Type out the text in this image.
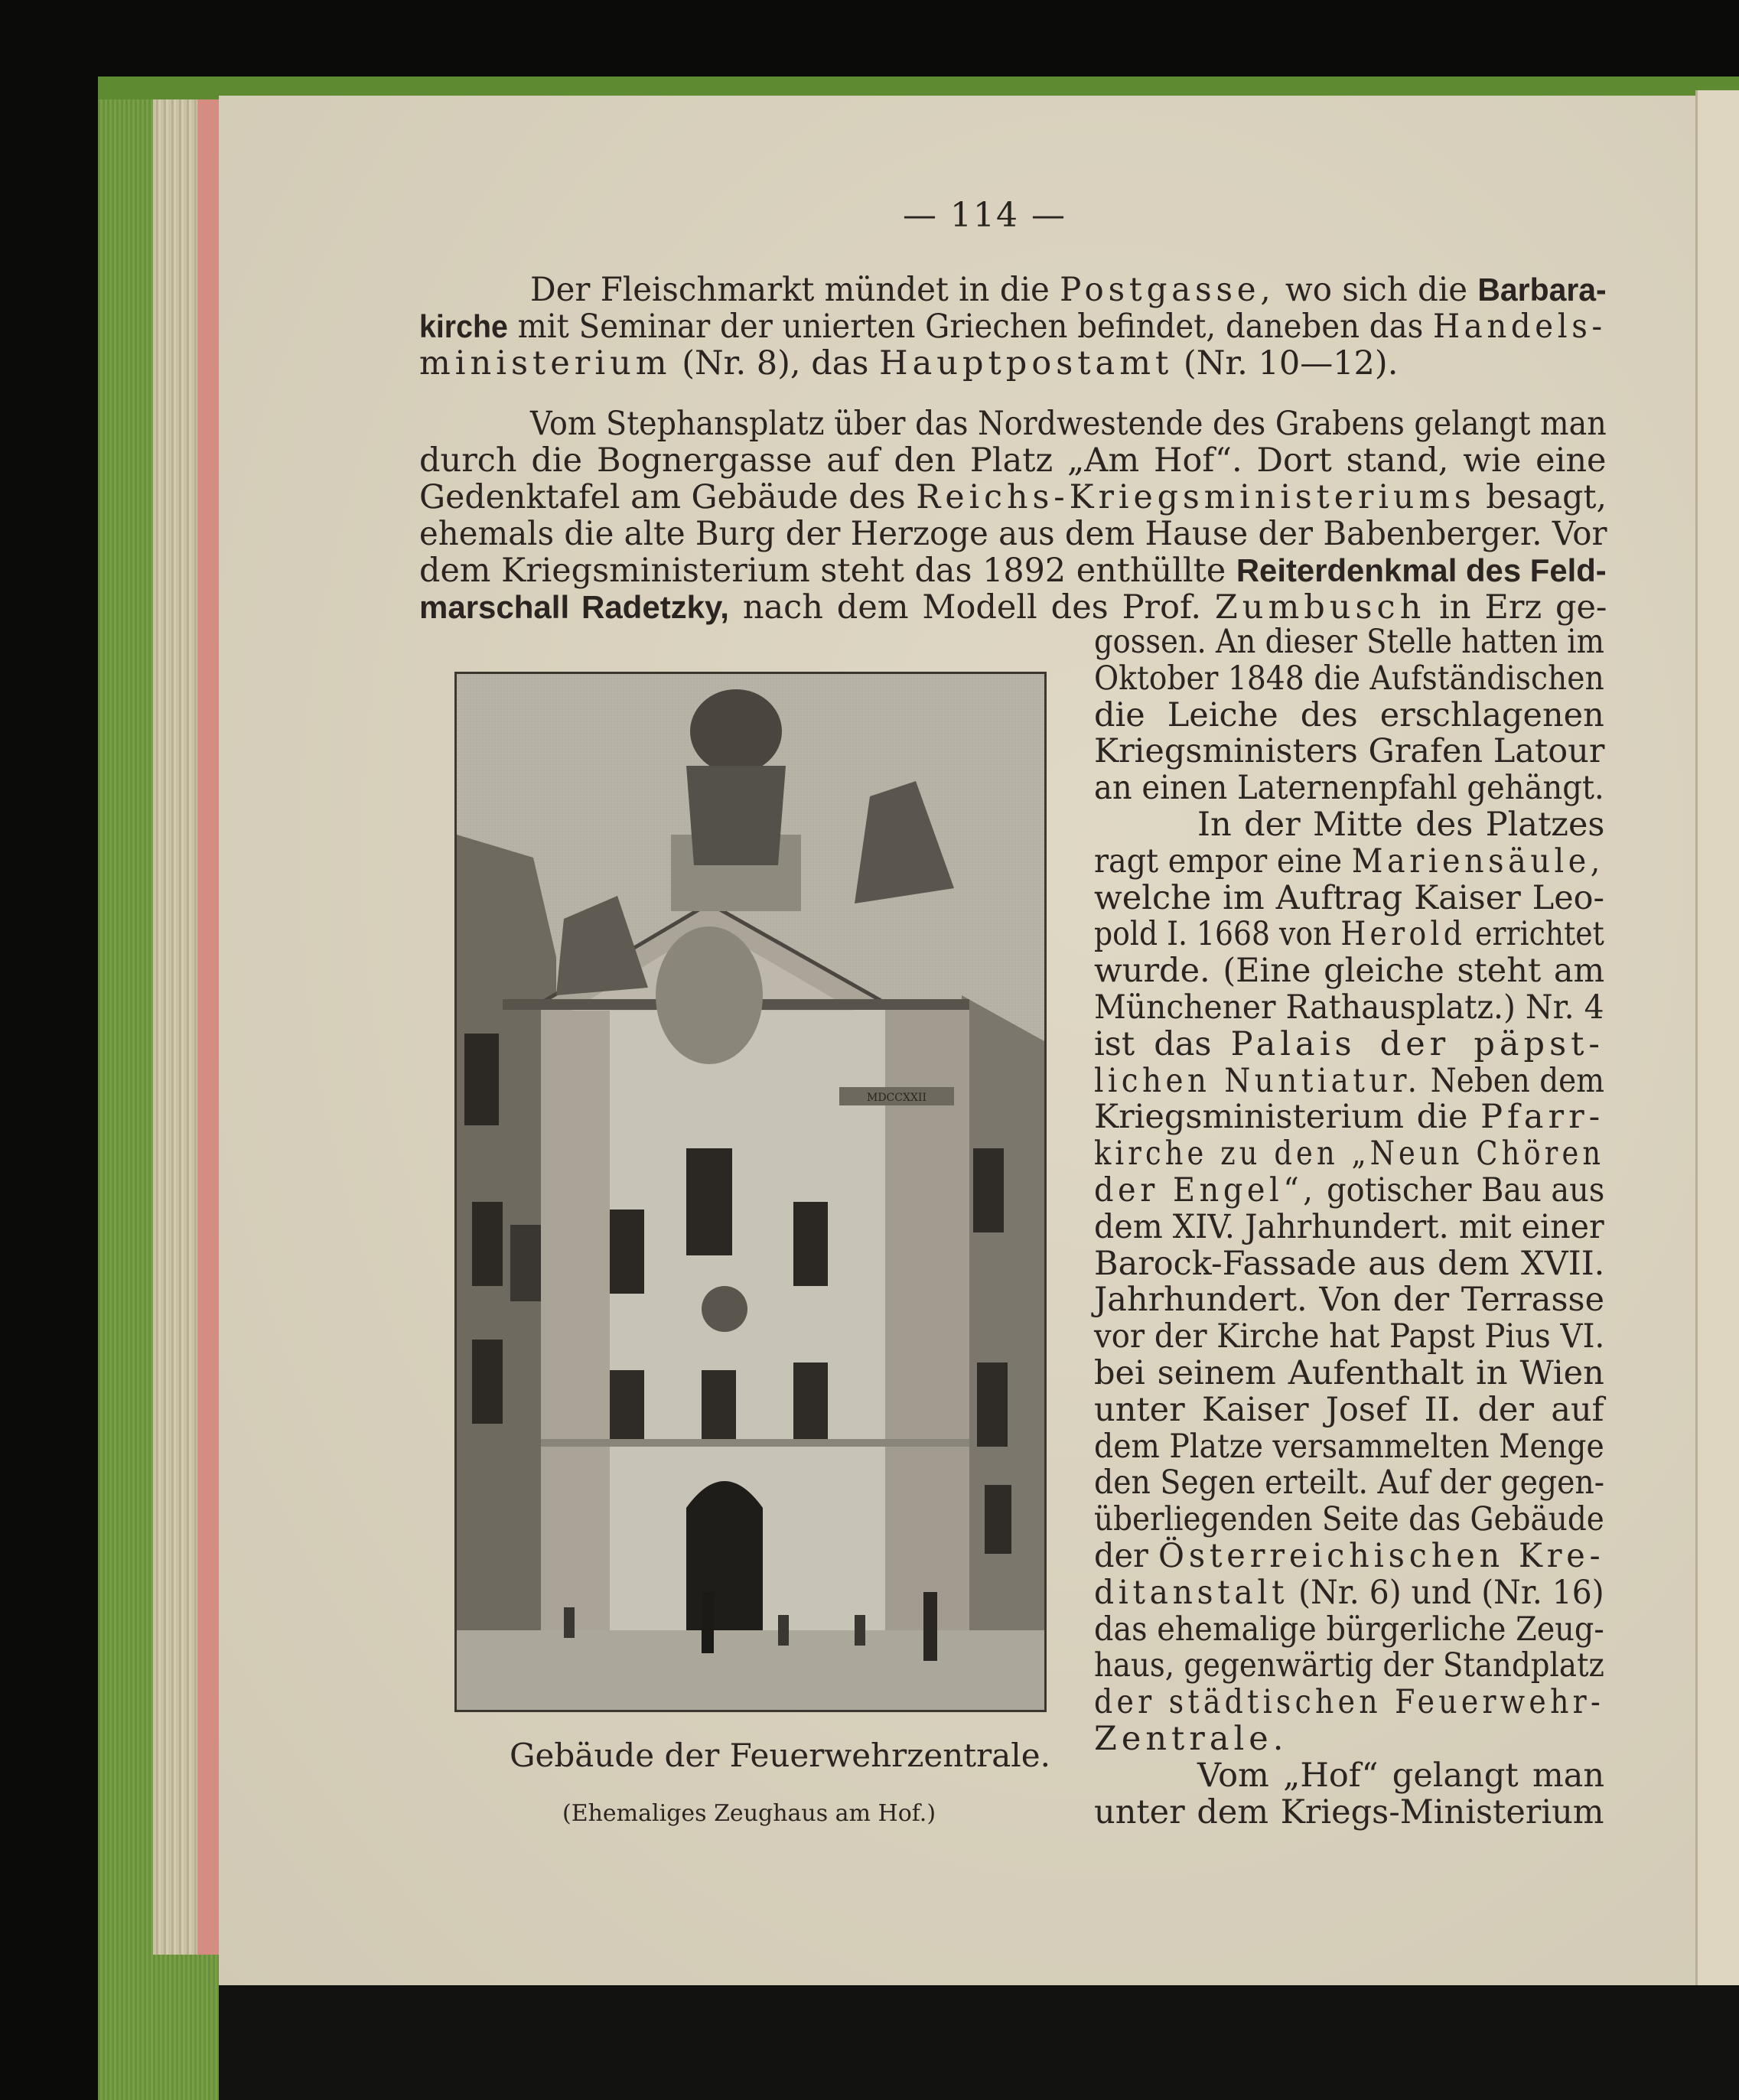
— 114 —
Der Fleischmarkt mündet in die Postgasse, wo sich die Barbara-
kirche mit Seminar der unierten Griechen befindet, daneben das Handels-
ministerium (Nr. 8), das Hauptpostamt (Nr. 10—12).
Vom Stephansplatz über das Nordwestende des Grabens gelangt man
durch die Bognergasse auf den Platz „Am Hof“. Dort stand, wie eine
Gedenktafel am Gebäude des Reichs-Kriegsministeriums besagt,
ehemals die alte Burg der Herzoge aus dem Hause der Babenberger. Vor
dem Kriegsministerium steht das 1892 enthüllte Reiterdenkmal des Feld-
marschall Radetzky, nach dem Modell des Prof. Zumbusch in Erz ge-
gossen. An dieser Stelle hatten im
Oktober 1848 die Aufständischen
die Leiche des erschlagenen
Kriegsministers Grafen Latour
an einen Laternenpfahl gehängt.
In der Mitte des Platzes
ragt empor eine Mariensäule,
welche im Auftrag Kaiser Leo-
pold I. 1668 von Herold errichtet
wurde. (Eine gleiche steht am
Münchener Rathausplatz.) Nr. 4
ist das Palais der päpst-
lichen Nuntiatur. Neben dem
Kriegsministerium die Pfarr-
kirche zu den „Neun Chören
der Engel“, gotischer Bau aus
dem XIV. Jahrhundert. mit einer
Barock-Fassade aus dem XVII.
Jahrhundert. Von der Terrasse
vor der Kirche hat Papst Pius VI.
bei seinem Aufenthalt in Wien
unter Kaiser Josef II. der auf
dem Platze versammelten Menge
den Segen erteilt. Auf der gegen-
überliegenden Seite das Gebäude
der Österreichischen Kre-
ditanstalt (Nr. 6) und (Nr. 16)
das ehemalige bürgerliche Zeug-
haus, gegenwärtig der Standplatz
der städtischen Feuerwehr-
Zentrale.
Vom „Hof“ gelangt man
unter dem Kriegs-Ministerium
MDCCXXII
Gebäude der Feuerwehrzentrale.
(Ehemaliges Zeughaus am Hof.)
